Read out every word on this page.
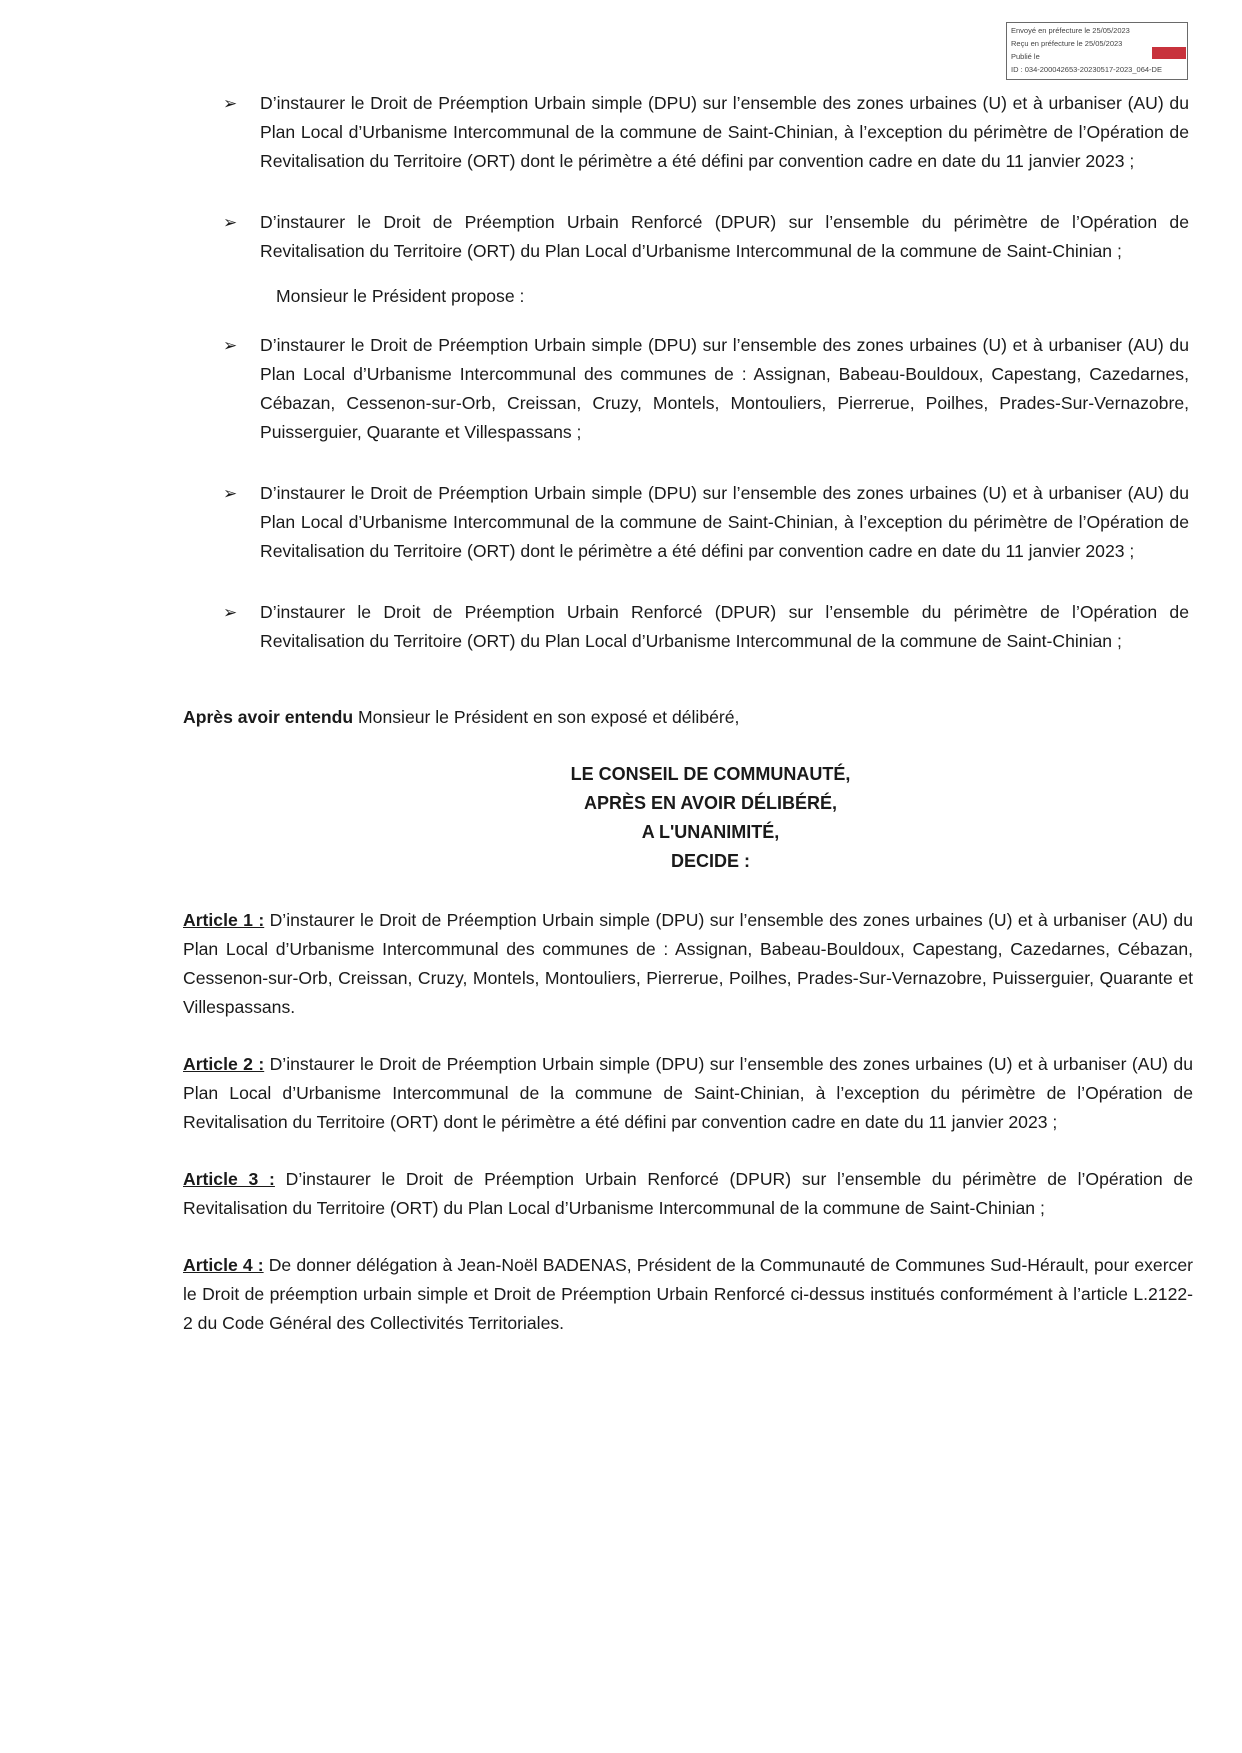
Envoyé en préfecture le 25/05/2023
Reçu en préfecture le 25/05/2023
Publié le
ID : 034-200042653-20230517-2023_064-DE
➢ D’instaurer le Droit de Préemption Urbain simple (DPU) sur l’ensemble des zones urbaines (U) et à urbaniser (AU) du Plan Local d’Urbanisme Intercommunal de la commune de Saint-Chinian, à l’exception du périmètre de l’Opération de Revitalisation du Territoire (ORT) dont le périmètre a été défini par convention cadre en date du 11 janvier 2023 ;
➢ D’instaurer le Droit de Préemption Urbain Renforcé (DPUR) sur l’ensemble du périmètre de l’Opération de Revitalisation du Territoire (ORT) du Plan Local d’Urbanisme Intercommunal de la commune de Saint-Chinian ;
Monsieur le Président propose :
➢ D’instaurer le Droit de Préemption Urbain simple (DPU) sur l’ensemble des zones urbaines (U) et à urbaniser (AU) du Plan Local d’Urbanisme Intercommunal des communes de : Assignan, Babeau-Bouldoux, Capestang, Cazedarnes, Cébazan, Cessenon-sur-Orb, Creissan, Cruzy, Montels, Montouliers, Pierrerue, Poilhes, Prades-Sur-Vernazobre, Puisserguier, Quarante et Villespassans ;
➢ D’instaurer le Droit de Préemption Urbain simple (DPU) sur l’ensemble des zones urbaines (U) et à urbaniser (AU) du Plan Local d’Urbanisme Intercommunal de la commune de Saint-Chinian, à l’exception du périmètre de l’Opération de Revitalisation du Territoire (ORT) dont le périmètre a été défini par convention cadre en date du 11 janvier 2023 ;
➢ D’instaurer le Droit de Préemption Urbain Renforcé (DPUR) sur l’ensemble du périmètre de l’Opération de Revitalisation du Territoire (ORT) du Plan Local d’Urbanisme Intercommunal de la commune de Saint-Chinian ;
Après avoir entendu Monsieur le Président en son exposé et délibéré,
LE CONSEIL DE COMMUNAUTÉ,
APRÈS EN AVOIR DÉLIBÉRÉ,
A L'UNANIMITÉ,
DECIDE :
Article 1 : D’instaurer le Droit de Préemption Urbain simple (DPU) sur l’ensemble des zones urbaines (U) et à urbaniser (AU) du Plan Local d’Urbanisme Intercommunal des communes de : Assignan, Babeau-Bouldoux, Capestang, Cazedarnes, Cébazan, Cessenon-sur-Orb, Creissan, Cruzy, Montels, Montouliers, Pierrerue, Poilhes, Prades-Sur-Vernazobre, Puisserguier, Quarante et Villespassans.
Article 2 : D’instaurer le Droit de Préemption Urbain simple (DPU) sur l’ensemble des zones urbaines (U) et à urbaniser (AU) du Plan Local d’Urbanisme Intercommunal de la commune de Saint-Chinian, à l’exception du périmètre de l’Opération de Revitalisation du Territoire (ORT) dont le périmètre a été défini par convention cadre en date du 11 janvier 2023 ;
Article 3 : D’instaurer le Droit de Préemption Urbain Renforcé (DPUR) sur l’ensemble du périmètre de l’Opération de Revitalisation du Territoire (ORT) du Plan Local d’Urbanisme Intercommunal de la commune de Saint-Chinian ;
Article 4 : De donner délégation à Jean-Noël BADENAS, Président de la Communauté de Communes Sud-Hérault, pour exercer le Droit de préemption urbain simple et Droit de Préemption Urbain Renforcé ci-dessus institués conformément à l’article L.2122-2 du Code Général des Collectivités Territoriales.
